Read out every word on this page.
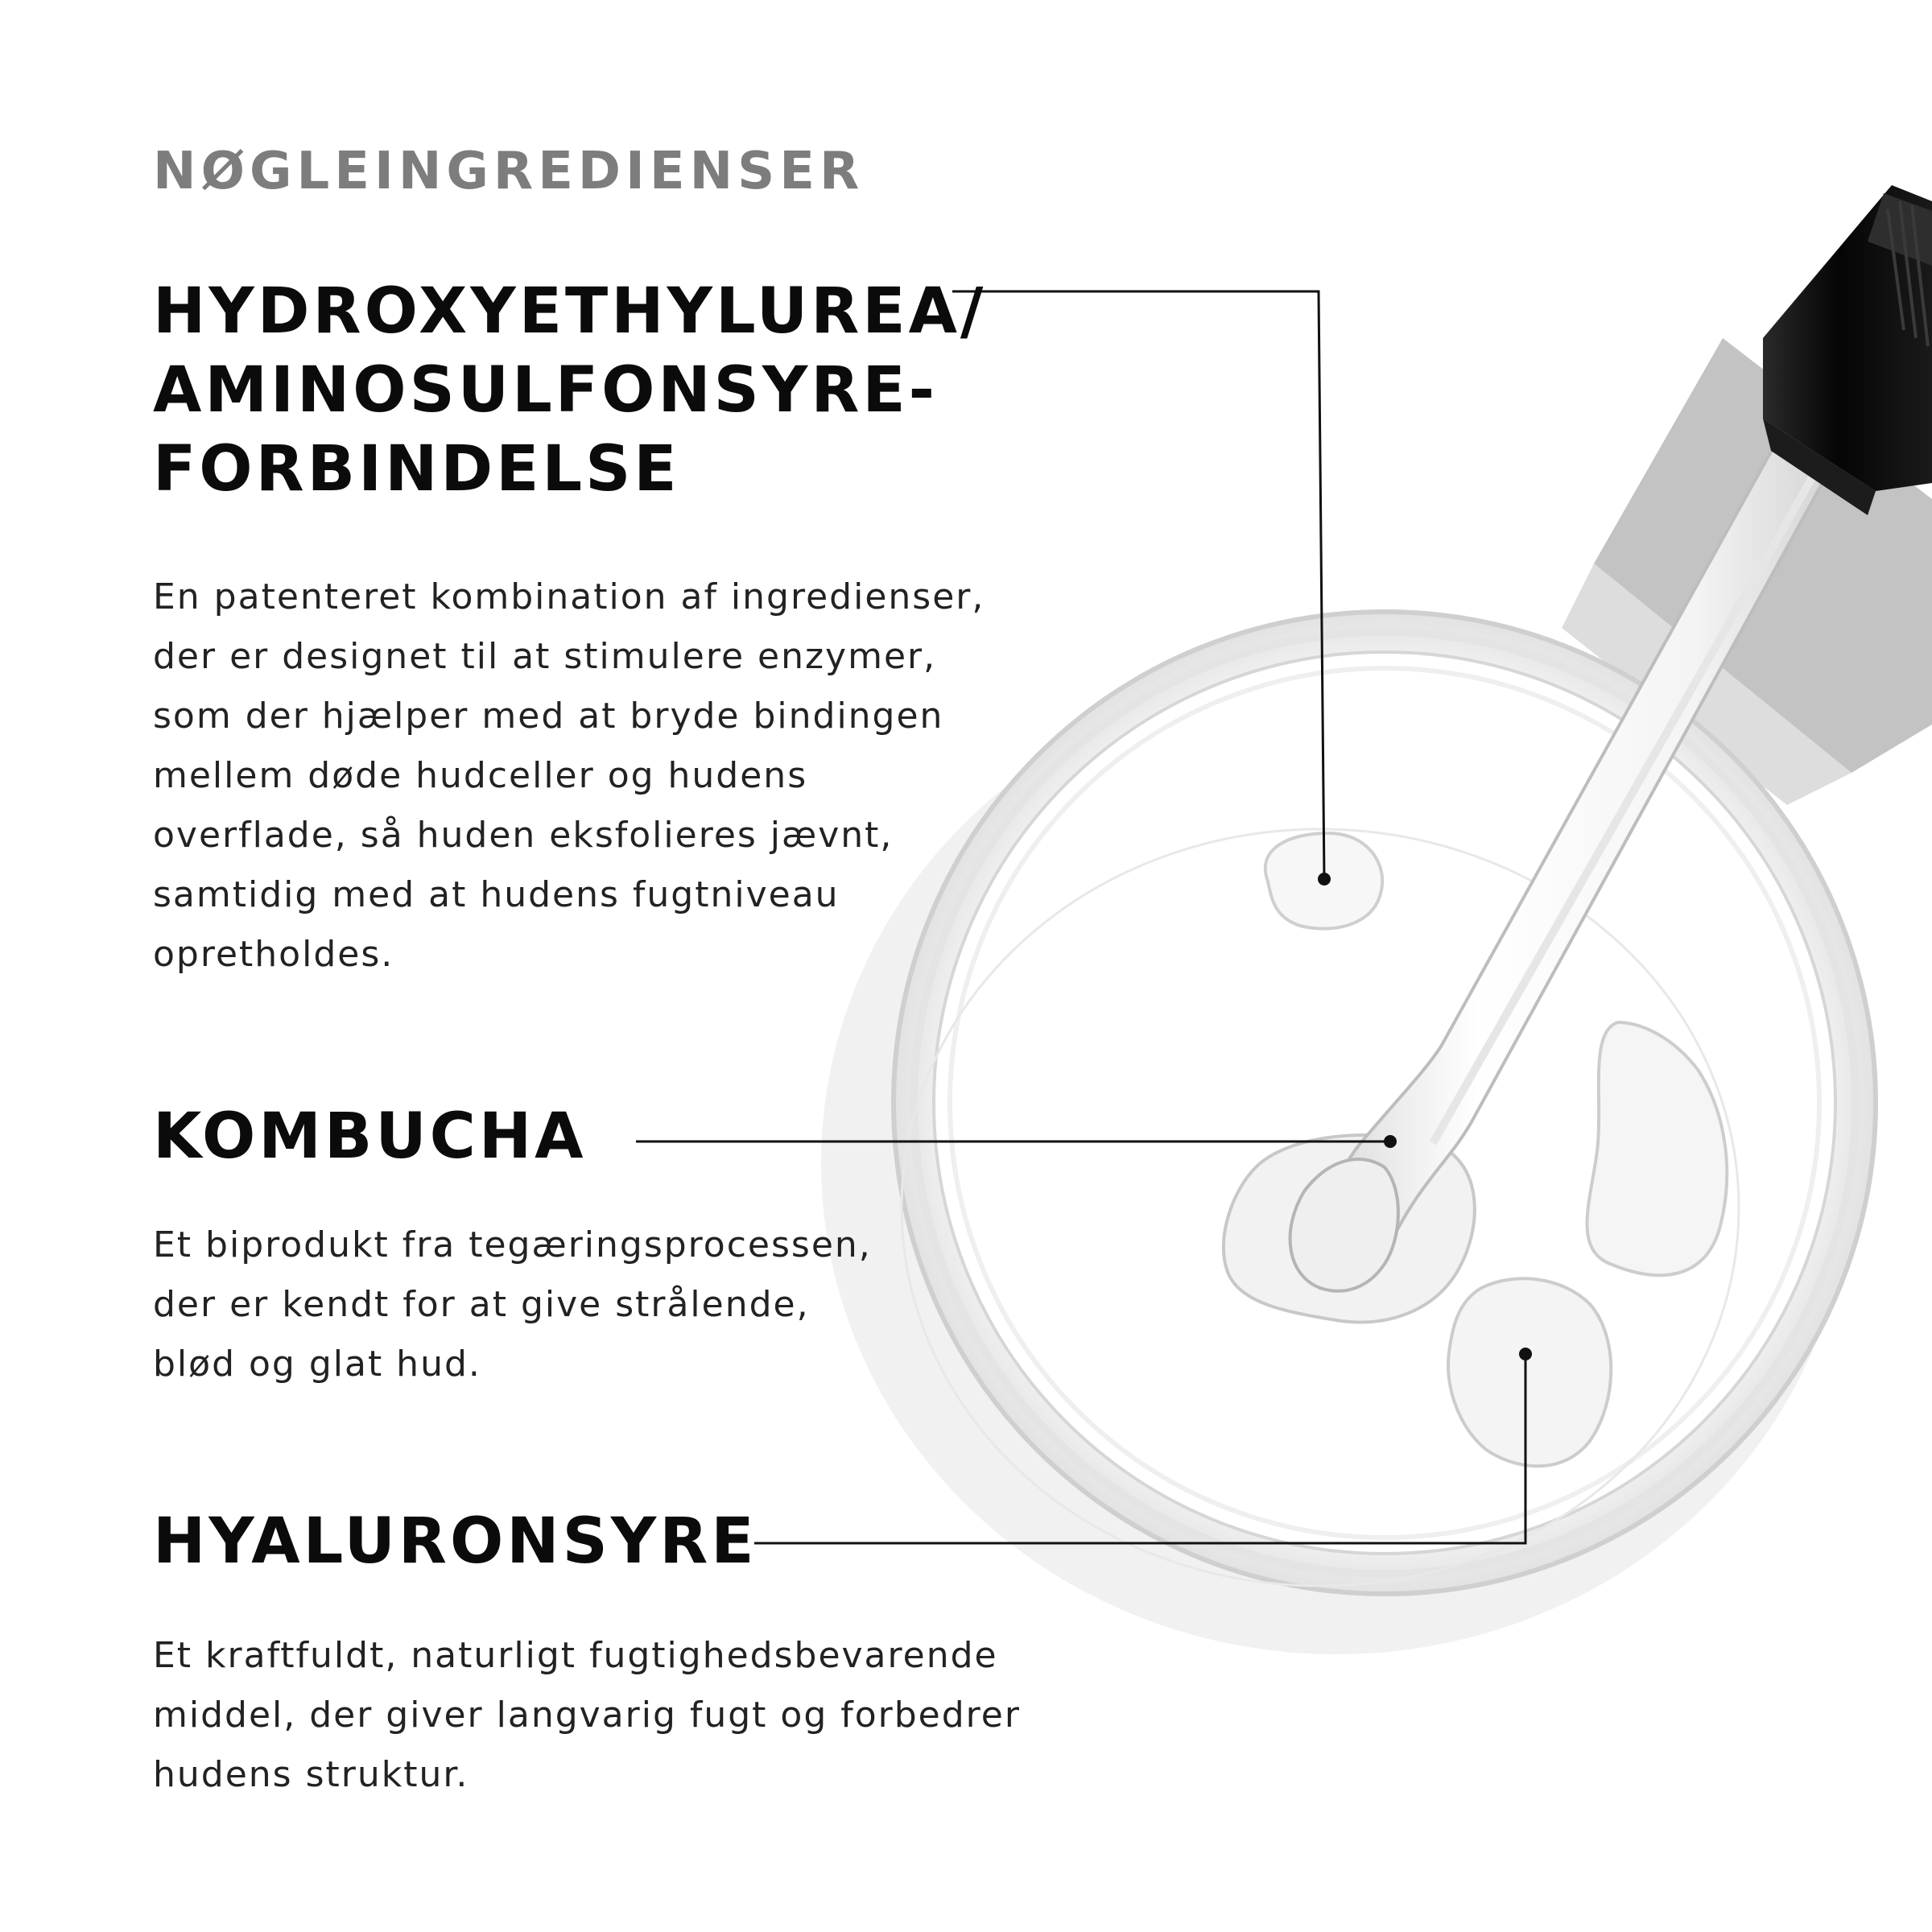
NØGLEINGREDIENSER
HYDROXYETHYLUREA/
AMINOSULFONSYRE-
FORBINDELSE

En patenteret kombination af ingredienser,
der er designet til at stimulere enzymer,
som der hjælper med at bryde bindingen
mellem døde hudceller og hudens
overflade, så huden eksfolieres jævnt,
samtidig med at hudens fugtniveau
opretholdes.

KOMBUCHA

Et biprodukt fra tegæringsprocessen,
der er kendt for at give strålende,
blød og glat hud.

HYALURONSYRE

Et kraftfuldt, naturligt fugtighedsbevarende
middel, der giver langvarig fugt og forbedrer
hudens struktur.
